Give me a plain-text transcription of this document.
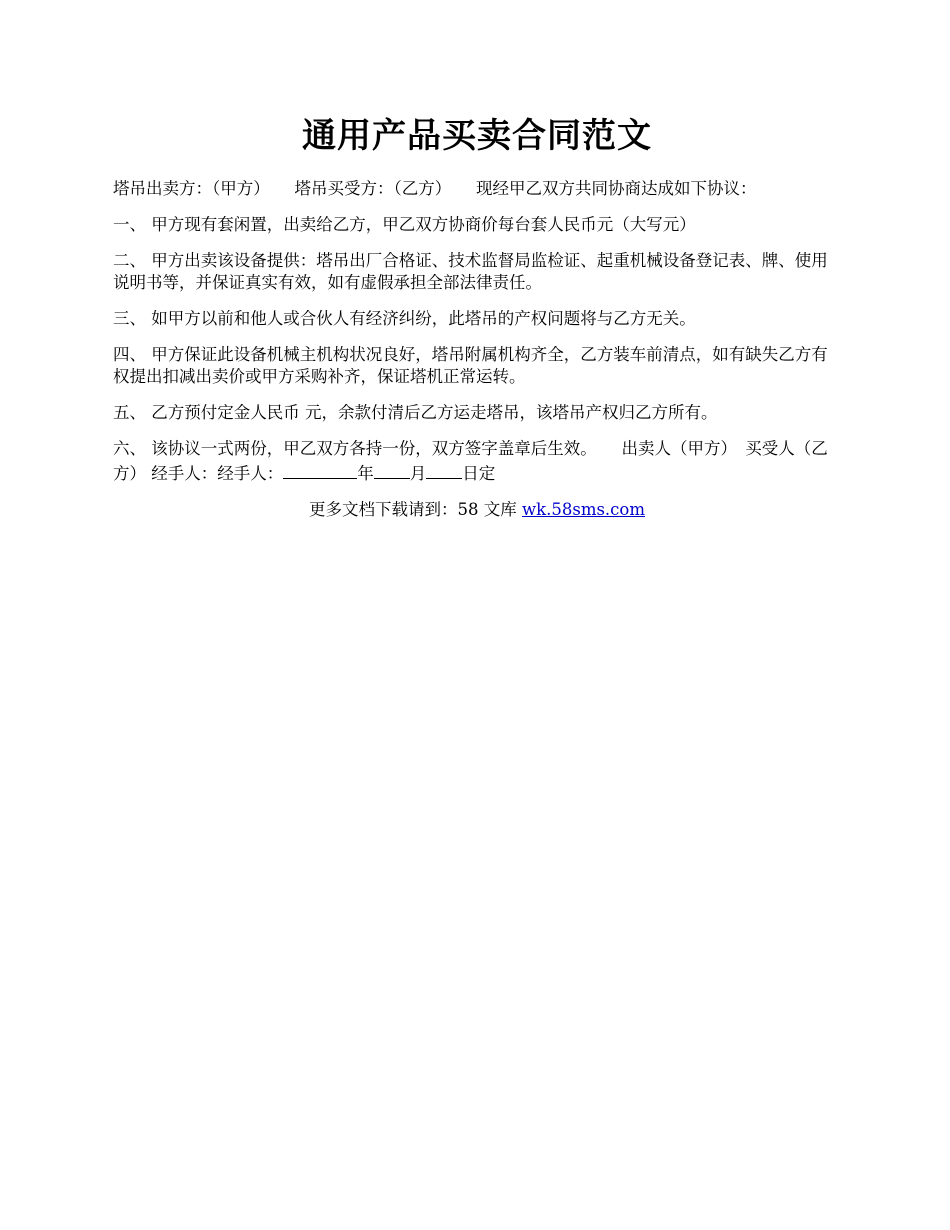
通用产品买卖合同范文

塔吊出卖方：（甲方）　　塔吊买受方：（乙方）　　现经甲乙双方共同协商达成如下协议：

一、 甲方现有套闲置，出卖给乙方，甲乙双方协商价每台套人民币元（大写元）

二、 甲方出卖该设备提供：塔吊出厂合格证、技术监督局监检证、起重机械设备登记表、牌、使用说明书等，并保证真实有效，如有虚假承担全部法律责任。

三、 如甲方以前和他人或合伙人有经济纠纷，此塔吊的产权问题将与乙方无关。

四、 甲方保证此设备机械主机构状况良好，塔吊附属机构齐全，乙方装车前清点，如有缺失乙方有权提出扣减出卖价或甲方采购补齐，保证塔机正常运转。

五、 乙方预付定金人民币 元，余款付清后乙方运走塔吊，该塔吊产权归乙方所有。

六、 该协议一式两份，甲乙双方各持一份，双方签字盖章后生效。　　出卖人（甲方）　买受人（乙方） 经手人：经手人：	年 月 日定

更多文档下载请到：58 文库 wk.58sms.com
